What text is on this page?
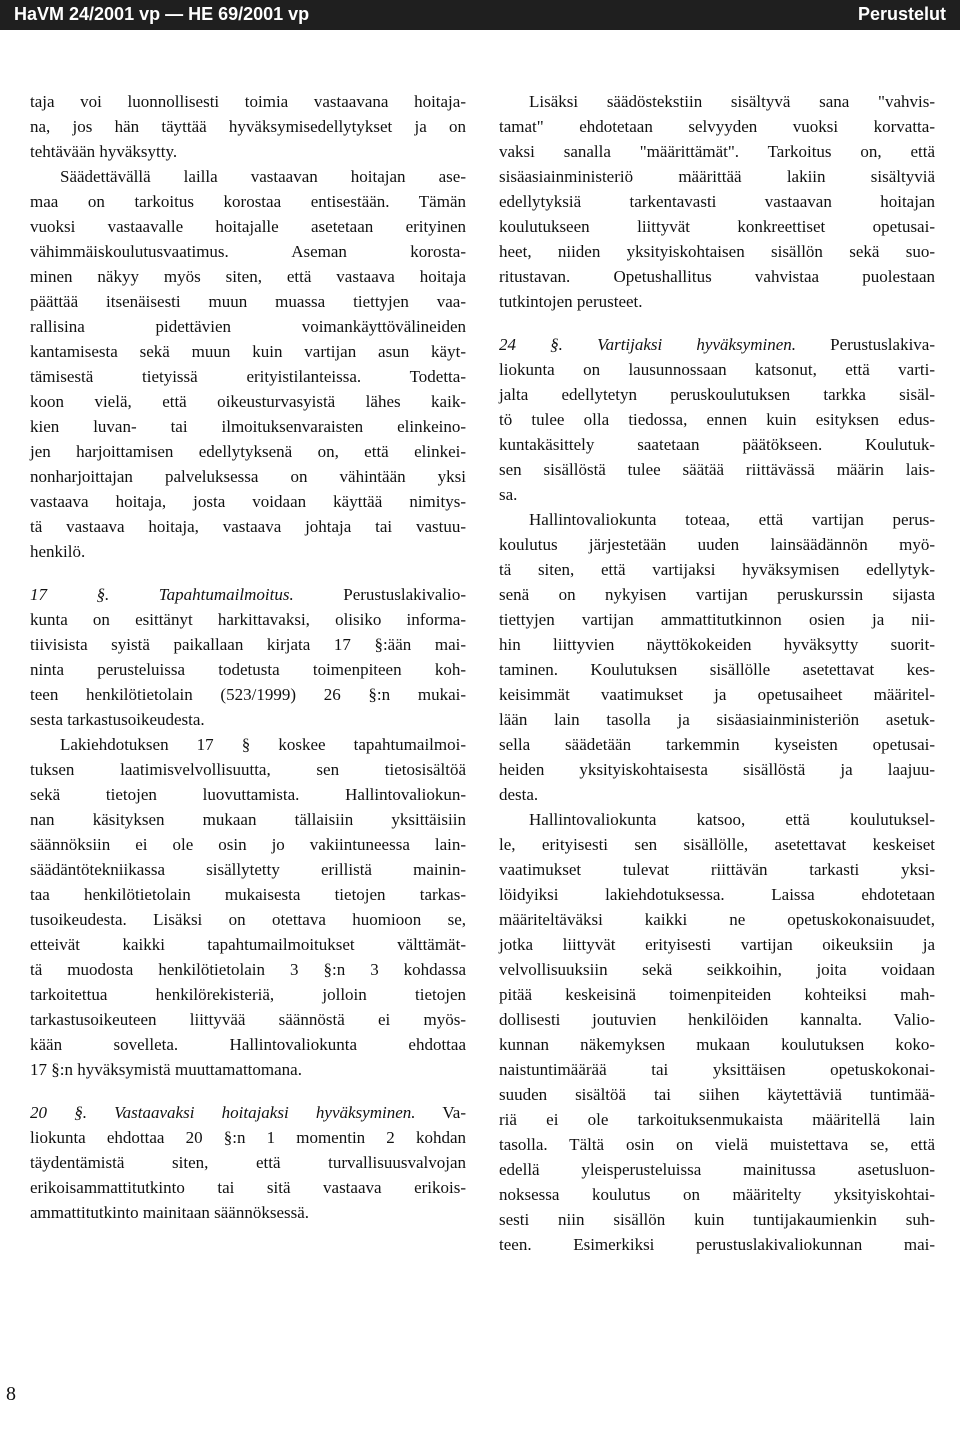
HaVM 24/2001 vp — HE 69/2001 vp	Perustelut
taja voi luonnollisesti toimia vastaavana hoitaja-
na, jos hän täyttää hyväksymisedellytykset ja on
tehtävään hyväksytty.
Säädettävällä lailla vastaavan hoitajan ase-
maa on tarkoitus korostaa entisestään. Tämän
vuoksi vastaavalle hoitajalle asetetaan erityinen
vähimmäiskoulutusvaatimus. Aseman korosta-
minen näkyy myös siten, että vastaava hoitaja
päättää itsenäisesti muun muassa tiettyjen vaa-
rallisina pidettävien voimankäyttövälineiden
kantamisesta sekä muun kuin vartijan asun käyt-
tämisestä tietyissä erityistilanteissa. Todetta-
koon vielä, että oikeusturvasyistä lähes kaik-
kien luvan- tai ilmoituksenvaraisten elinkeino-
jen harjoittamisen edellytyksenä on, että elinkei-
nonharjoittajan palveluksessa on vähintään yksi
vastaava hoitaja, josta voidaan käyttää nimitys-
tä vastaava hoitaja, vastaava johtaja tai vastuu-
henkilö.
17 §. Tapahtumailmoitus. Perustuslakivalio-
kunta on esittänyt harkittavaksi, olisiko informa-
tiivisista syistä paikallaan kirjata 17 §:ään mai-
ninta perusteluissa todetusta toimenpiteen koh-
teen henkilötietolain (523/1999) 26 §:n mukai-
sesta tarkastusoikeudesta.
Lakiehdotuksen 17 § koskee tapahtumailmoi-
tuksen laatimisvelvollisuutta, sen tietosisältöä
sekä tietojen luovuttamista. Hallintovaliokun-
nan käsityksen mukaan tällaisiin yksittäisiin
säännöksiin ei ole osin jo vakiintuneessa lain-
säädäntötekniikassa sisällytetty erillistä mainin-
taa henkilötietolain mukaisesta tietojen tarkas-
tusoikeudesta. Lisäksi on otettava huomioon se,
etteivät kaikki tapahtumailmoitukset välttämät-
tä muodosta henkilötietolain 3 §:n 3 kohdassa
tarkoitettua henkilörekisteriä, jolloin tietojen
tarkastusoikeuteen liittyvää säännöstä ei myös-
kään sovelleta. Hallintovaliokunta ehdottaa
17 §:n hyväksymistä muuttamattomana.
20 §. Vastaavaksi hoitajaksi hyväksyminen. Va-
liokunta ehdottaa 20 §:n 1 momentin 2 kohdan
täydentämistä siten, että turvallisuusvalvojan
erikoisammattitutkinto tai sitä vastaava erikois-
ammattitutkinto mainitaan säännöksessä.
Lisäksi säädöstekstiin sisältyvä sana "vahvis-
tamat" ehdotetaan selvyyden vuoksi korvatta-
vaksi sanalla "määrittämät". Tarkoitus on, että
sisäasiainministeriö määrittää lakiin sisältyviä
edellytyksiä tarkentavasti vastaavan hoitajan
koulutukseen liittyvät konkreettiset opetusai-
heet, niiden yksityiskohtaisen sisällön sekä suo-
ritustavan. Opetushallitus vahvistaa puolestaan
tutkintojen perusteet.
24 §. Vartijaksi hyväksyminen. Perustuslakiva-
liokunta on lausunnossaan katsonut, että varti-
jalta edellytetyn peruskoulutuksen tarkka sisäl-
tö tulee olla tiedossa, ennen kuin esityksen edus-
kuntakäsittely saatetaan päätökseen. Koulutuk-
sen sisällöstä tulee säätää riittävässä määrin lais-
sa.
Hallintovaliokunta toteaa, että vartijan perus-
koulutus järjestetään uuden lainsäädännön myö-
tä siten, että vartijaksi hyväksymisen edellytyk-
senä on nykyisen vartijan peruskurssin sijasta
tiettyjen vartijan ammattitutkinnon osien ja nii-
hin liittyvien näyttökokeiden hyväksytty suorit-
taminen. Koulutuksen sisällölle asetettavat kes-
keisimmät vaatimukset ja opetusaiheet määritel-
lään lain tasolla ja sisäasiainministeriön asetuk-
sella säädetään tarkemmin kyseisten opetusai-
heiden yksityiskohtaisesta sisällöstä ja laajuu-
desta.
Hallintovaliokunta katsoo, että koulutuksel-
le, erityisesti sen sisällölle, asetettavat keskeiset
vaatimukset tulevat riittävän tarkasti yksi-
löidyiksi lakiehdotuksessa. Laissa ehdotetaan
määriteltäväksi kaikki ne opetuskokonaisuudet,
jotka liittyvät erityisesti vartijan oikeuksiin ja
velvollisuuksiin sekä seikkoihin, joita voidaan
pitää keskeisinä toimenpiteiden kohteiksi mah-
dollisesti joutuvien henkilöiden kannalta. Valio-
kunnan näkemyksen mukaan koulutuksen koko-
naistuntimäärää tai yksittäisen opetuskokonai-
suuden sisältöä tai siihen käytettäviä tuntimää-
riä ei ole tarkoituksenmukaista määritellä lain
tasolla. Tältä osin on vielä muistettava se, että
edellä yleisperusteluissa mainitussa asetusluon-
noksessa koulutus on määritelty yksityiskohtai-
sesti niin sisällön kuin tuntijakaumienkin suh-
teen. Esimerkiksi perustuslakivaliokunnan mai-
8
